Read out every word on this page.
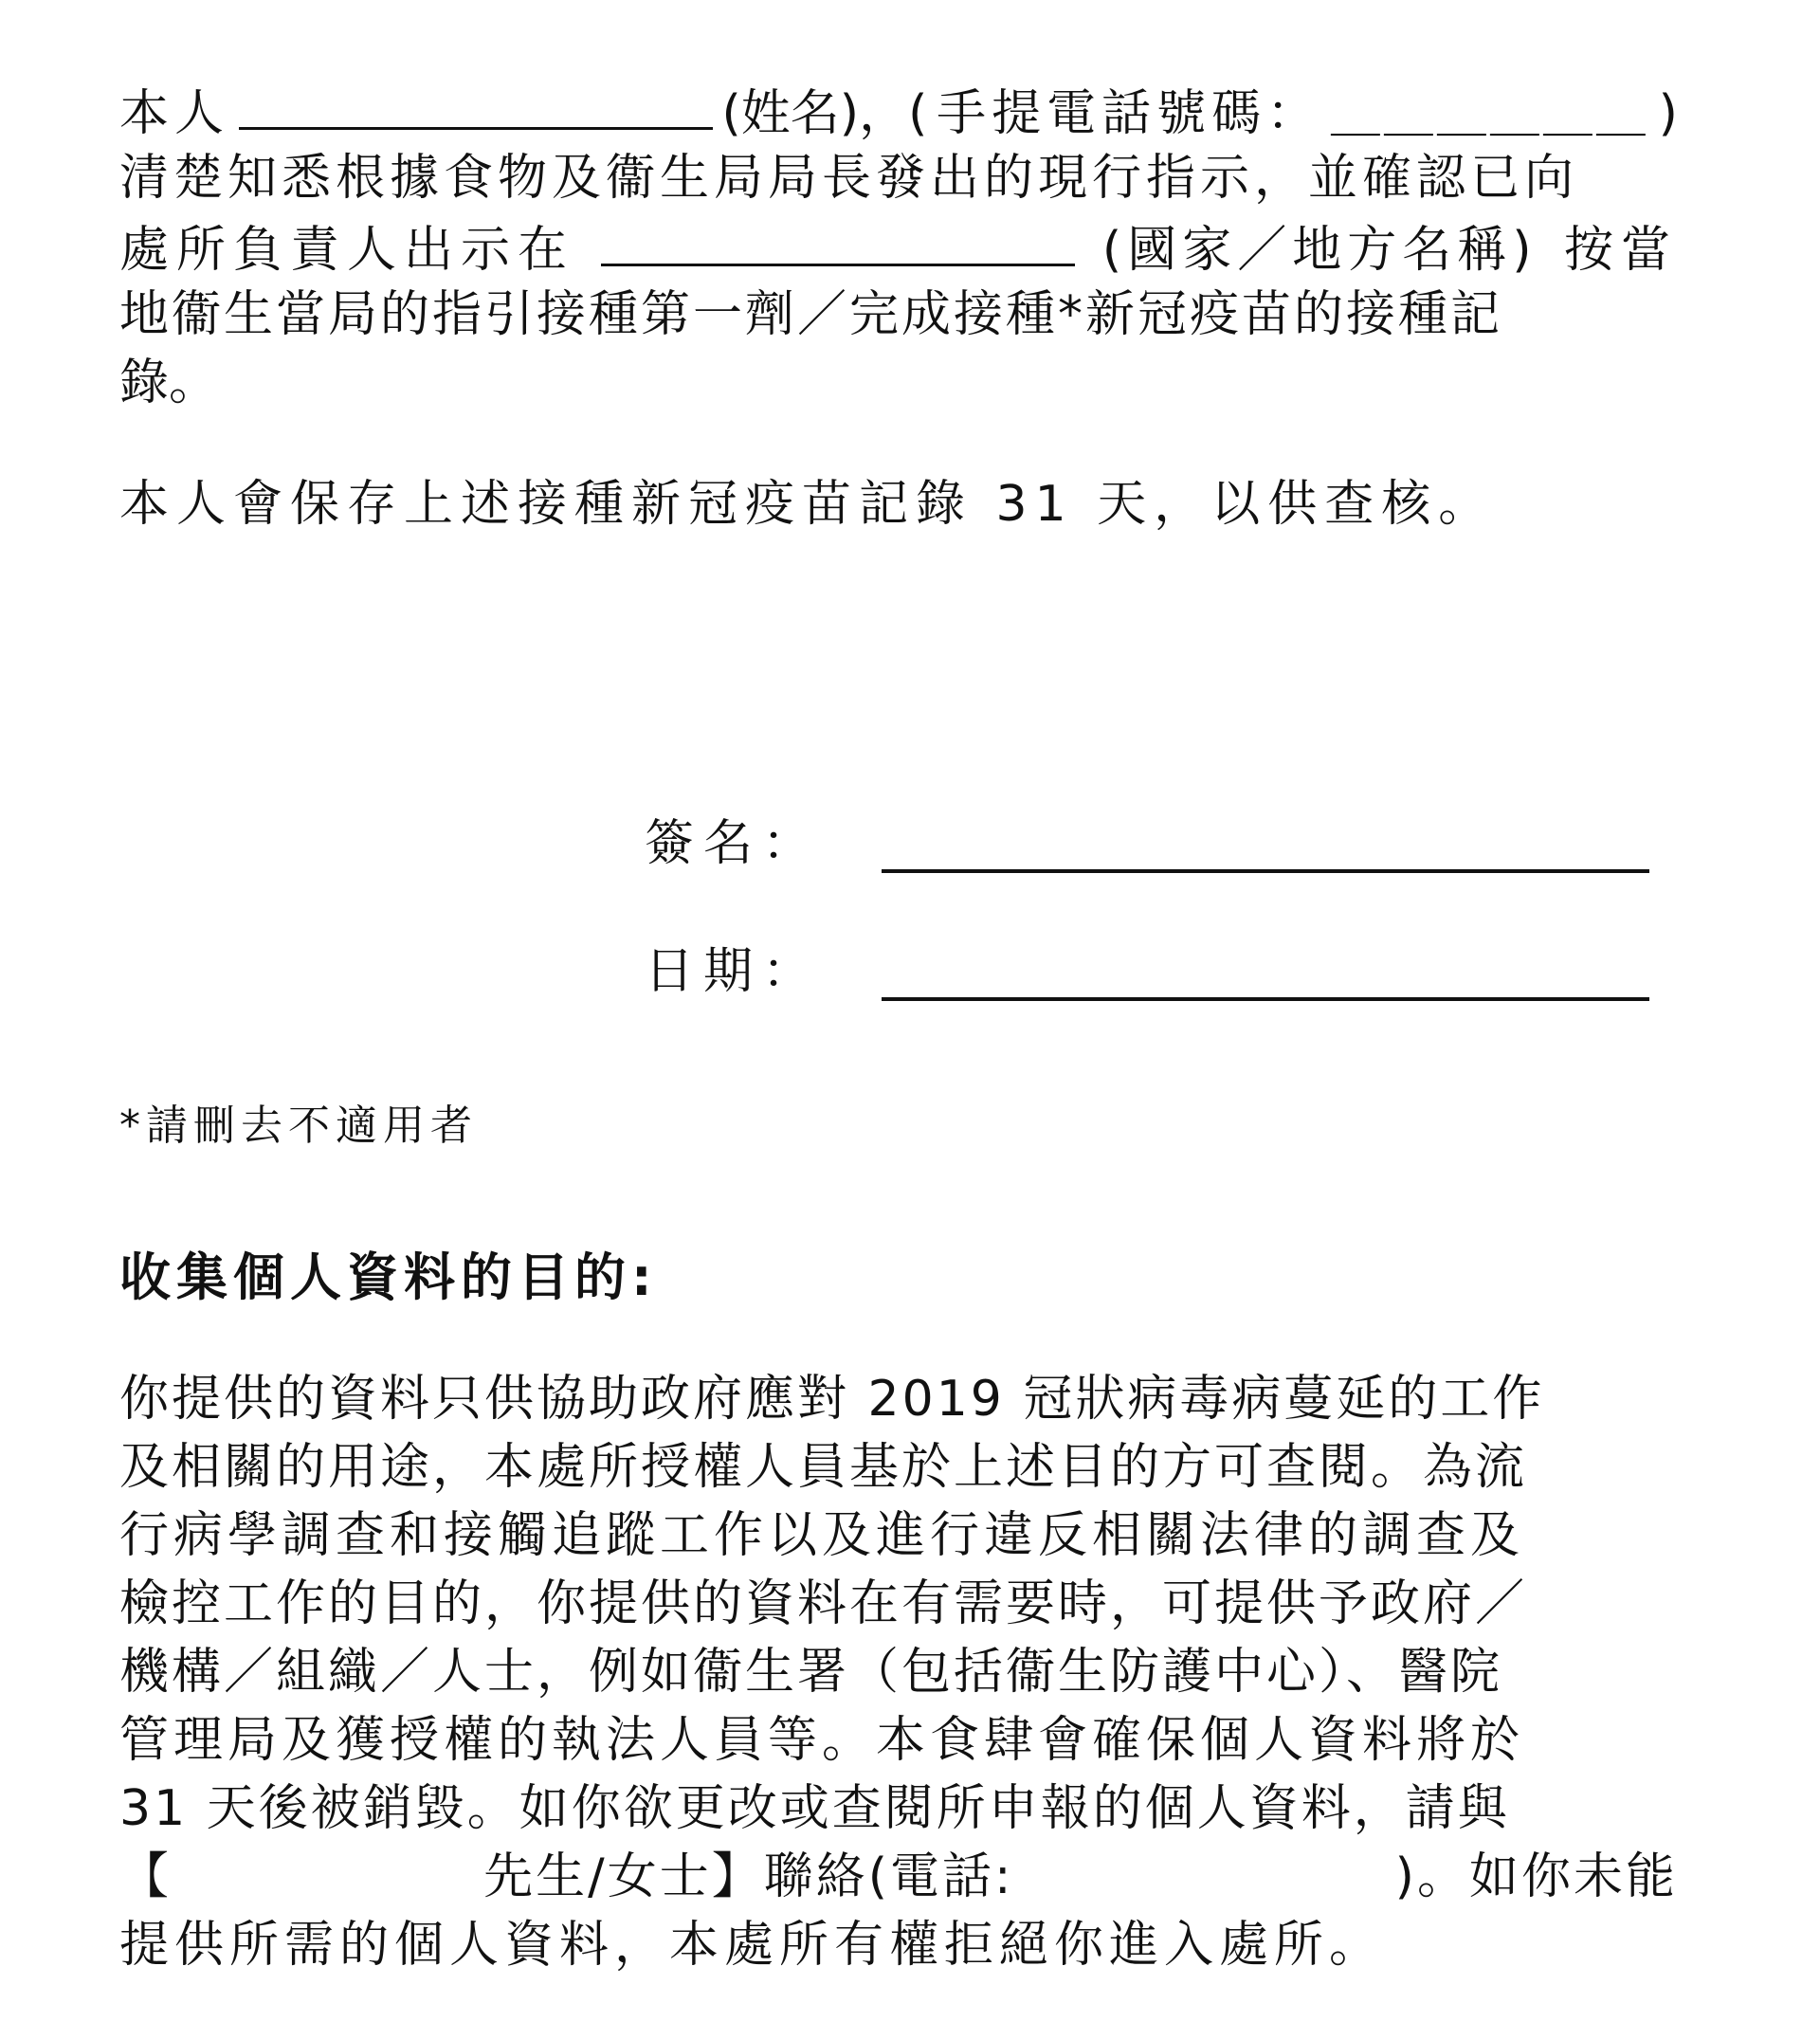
本人	(姓名)，( 手提電話號碼： ＿＿＿＿＿＿ )
清楚知悉根據食物及衞生局局長發出的現行指示，並確認已向
處所負責人出示在	(國家／地方名稱) 按當
地衞生當局的指引接種第一劑／完成接種*新冠疫苗的接種記
錄。
本人會保存上述接種新冠疫苗記錄 31 天，以供查核。
簽名：
日期：
*請刪去不適用者
收集個人資料的目的:
你提供的資料只供協助政府應對 2019 冠狀病毒病蔓延的工作
及相關的用途，本處所授權人員基於上述目的方可查閱。為流
行病學調查和接觸追蹤工作以及進行違反相關法律的調查及
檢控工作的目的，你提供的資料在有需要時，可提供予政府／
機構／組織／人士，例如衞生署（包括衞生防護中心）、醫院
管理局及獲授權的執法人員等。本食肆會確保個人資料將於
31 天後被銷毀。如你欲更改或查閱所申報的個人資料，請與
【	先生/女士】聯絡(電話:	)。如你未能
提供所需的個人資料，本處所有權拒絕你進入處所。
